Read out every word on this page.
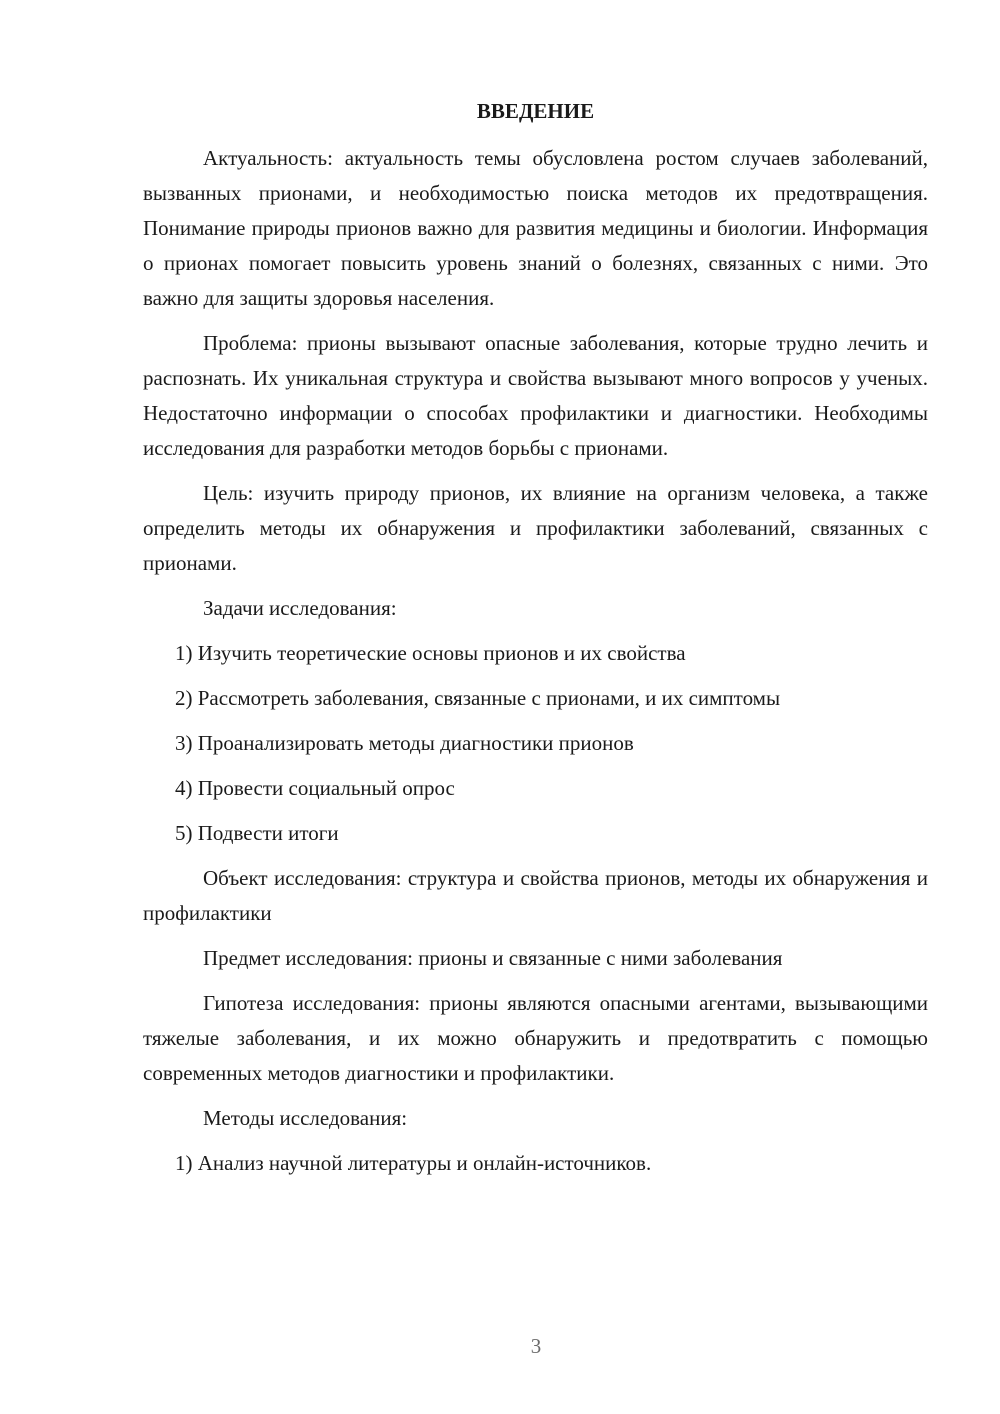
ВВЕДЕНИЕ

Актуальность: актуальность темы обусловлена ростом случаев заболеваний, вызванных прионами, и необходимостью поиска методов их предотвращения. Понимание природы прионов важно для развития медицины и биологии. Информация о прионах помогает повысить уровень знаний о болезнях, связанных с ними. Это важно для защиты здоровья населения.

Проблема: прионы вызывают опасные заболевания, которые трудно лечить и распознать. Их уникальная структура и свойства вызывают много вопросов у ученых. Недостаточно информации о способах профилактики и диагностики. Необходимы исследования для разработки методов борьбы с прионами.

Цель: изучить природу прионов, их влияние на организм человека, а также определить методы их обнаружения и профилактики заболеваний, связанных с прионами.

Задачи исследования:
1) Изучить теоретические основы прионов и их свойства
2) Рассмотреть заболевания, связанные с прионами, и их симптомы
3) Проанализировать методы диагностики прионов
4) Провести социальный опрос
5) Подвести итоги

Объект исследования: структура и свойства прионов, методы их обнаружения и профилактики

Предмет исследования: прионы и связанные с ними заболевания

Гипотеза исследования: прионы являются опасными агентами, вызывающими тяжелые заболевания, и их можно обнаружить и предотвратить с помощью современных методов диагностики и профилактики.

Методы исследования:
1) Анализ научной литературы и онлайн-источников.
3
